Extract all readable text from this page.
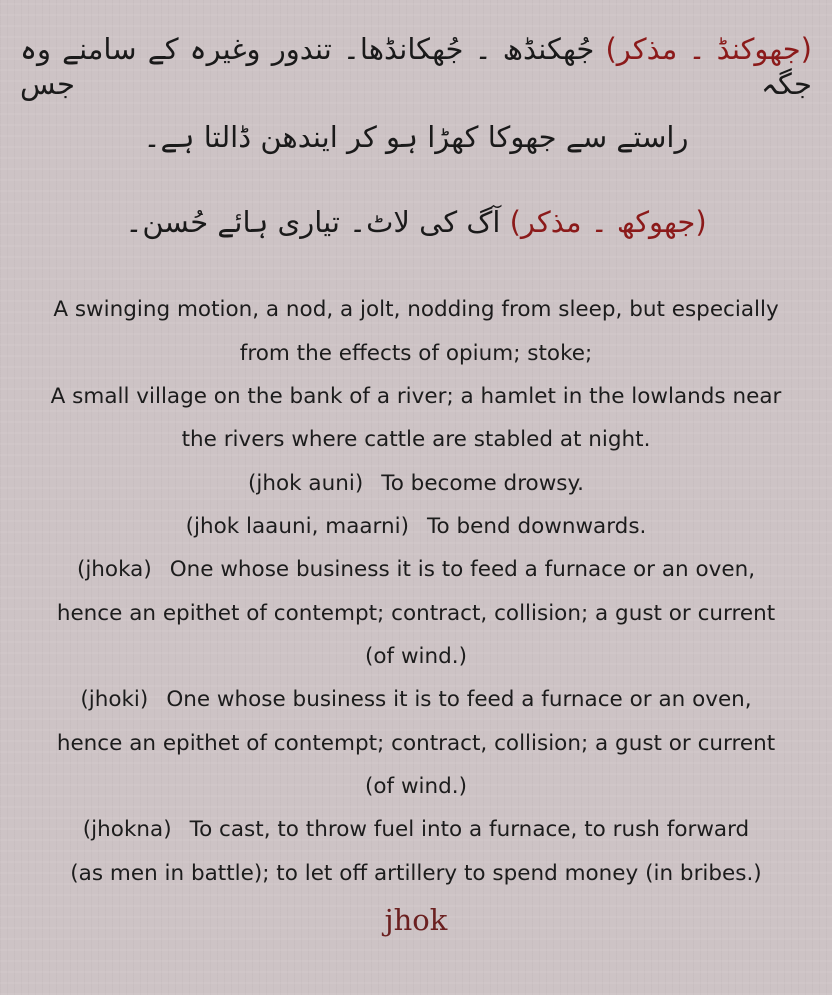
(جھوکنڈ ۔ مذکر) جُھکنڈھ ۔ جُھکانڈھا۔ تندور وغیرہ کے سامنے وہ جگہ جس
راستے سے جھوکا کھڑا ہو کر ایندھن ڈالتا ہے۔
(جھوکھ ۔ مذکر) آگ کی لاٹ۔ تیاری ہائے حُسن۔
A swinging motion, a nod, a jolt, nodding from sleep, but especially
from the effects of opium; stoke;
A small village on the bank of a river; a hamlet in the lowlands near
the rivers where cattle are stabled at night.
(jhok auni) To become drowsy.
(jhok laauni, maarni) To bend downwards.
(jhoka) One whose business it is to feed a furnace or an oven,
hence an epithet of contempt; contract, collision; a gust or current
(of wind.)
(jhoki) One whose business it is to feed a furnace or an oven,
hence an epithet of contempt; contract, collision; a gust or current
(of wind.)
(jhokna) To cast, to throw fuel into a furnace, to rush forward
(as men in battle); to let off artillery to spend money (in bribes.)
jhok
